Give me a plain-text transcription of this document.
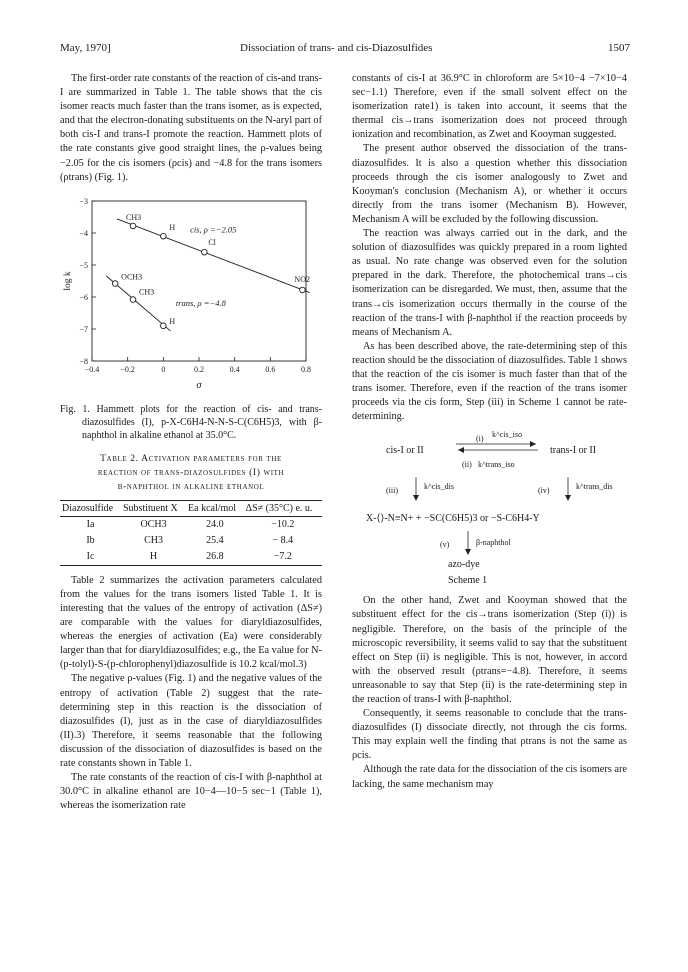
May, 1970]	Dissociation of trans- and cis-Diazosulfides	1507

The first-order rate constants of the reaction of cis-and trans-I are summarized in Table 1. The table shows that the cis isomer reacts much faster than the trans isomer, as is expected, and that the electron-donating substituents on the N-aryl part of both cis-I and trans-I promote the reaction. Hammett plots of the rate constants give good straight lines, the ρ-values being −2.05 for the cis isomers (ρcis) and −4.8 for the trans isomers (ρtrans) (Fig. 1).

−0.4	−0.2	0	0.2	0.4	0.6	0.8
−3
−4
−5
−6
−7
−8
σ
log k
CH3
H
Cl
NO2
cis, ρ =−2.05
OCH3
CH3
H
trans, ρ =−4.8

Fig. 1. Hammett plots for the reaction of cis- and trans-diazosulfides (I), p-X-C6H4-N-N-S-C(C6H5)3, with β-naphthol in alkaline ethanol at 35.0°C.

Table 2. Activation parameters for the
reaction of trans-diazosulfides (I) with
β-naphthol in alkaline ethanol
Diazosulfide	Substituent X	Ea kcal/mol	ΔS≠ (35°C) e. u.
Ia	OCH3	24.0	−10.2
Ib	CH3	25.4	− 8.4
Ic	H	26.8	−7.2

Table 2 summarizes the activation parameters calculated from the values for the trans isomers listed Table 1. It is interesting that the values of the entropy of activation (ΔS≠) are comparable with the values for diaryldiazosulfides, whereas the energies of activation (Ea) were considerably larger than that for diaryldiazosulfides; e.g., the Ea value for N-(p-tolyl)-S-(p-chlorophenyl)diazosulfide is 10.2 kcal/mol.3)

The negative ρ-values (Fig. 1) and the negative values of the entropy of activation (Table 2) suggest that the rate-determining step in this reaction is the dissociation of diazosulfides (I), just as in the case of diaryldiazosulfides (II).3) Therefore, it seems reasonable that the following discussion of the dissociation of diazosulfides is based on the rate constants shown in Table 1.

The rate constants of the reaction of cis-I with β-naphthol at 30.0°C in alkaline ethanol are 10−4—10−5 sec−1 (Table 1), whereas the isomerization rate

constants of cis-I at 36.9°C in chloroform are 5×10−4 −7×10−4 sec−1.1) Therefore, even if the small solvent effect on the isomerization rate1) is taken into account, it seems that the thermal cis→trans isomerization does not proceed through ionization and recombination, as Zwet and Kooyman suggested.

The present author observed the dissociation of the trans-diazosulfides. It is also a question whether this dissociation proceeds through the cis isomer analogously to Zwet and Kooyman's conclusion (Mechanism A), or whether it occurs directly from the trans isomer (Mechanism B). However, Mechanism A will be excluded by the following discussion.

The reaction was always carried out in the dark, and the solution of diazosulfides was quickly prepared in a room lighted as usual. No rate change was observed even for the solution prepared in the dark. Therefore, the photochemical trans→cis isomerization can be disregarded. We must, then, assume that the trans→cis isomerization occurs thermally in the course of the reaction of the trans-I with β-naphthol if the reaction proceeds by means of Mechanism A.

As has been described above, the rate-determining step of this reaction should be the dissociation of diazosulfides. Table 1 shows that the reaction of the cis isomer is much faster than that of the trans isomer. Therefore, even if the reaction of the trans isomer proceeds via the cis form, Step (iii) in Scheme 1 cannot be rate-determining.

(i) k^cis_iso
cis-I or II	trans-I or II
(ii) k^trans_iso
(iii)	k^cis_dis	(iv)	k^trans_dis
X-⟨⟩-N≡N+ + −SC(C6H5)3 or −S-C6H4-Y
(v)	β-naphthol
azo-dye
Scheme 1

On the other hand, Zwet and Kooyman showed that the substituent effect for the cis→trans isomerization (Step (i)) is negligible. Therefore, on the basis of the principle of the microscopic reversibility, it seems valid to say that the substituent effect on Step (ii) is negligible. This is not, however, in accord with the observed result (ρtrans=−4.8). Therefore, it seems unreasonable to say that Step (ii) is the rate-determining step in the reaction of trans-I with β-naphthol.

Consequently, it seems reasonable to conclude that the trans-diazosulfides (I) dissociate directly, not through the cis forms. This may explain well the finding that ρtrans is not the same as ρcis.

Although the rate data for the dissociation of the cis isomers are lacking, the same mechanism may
